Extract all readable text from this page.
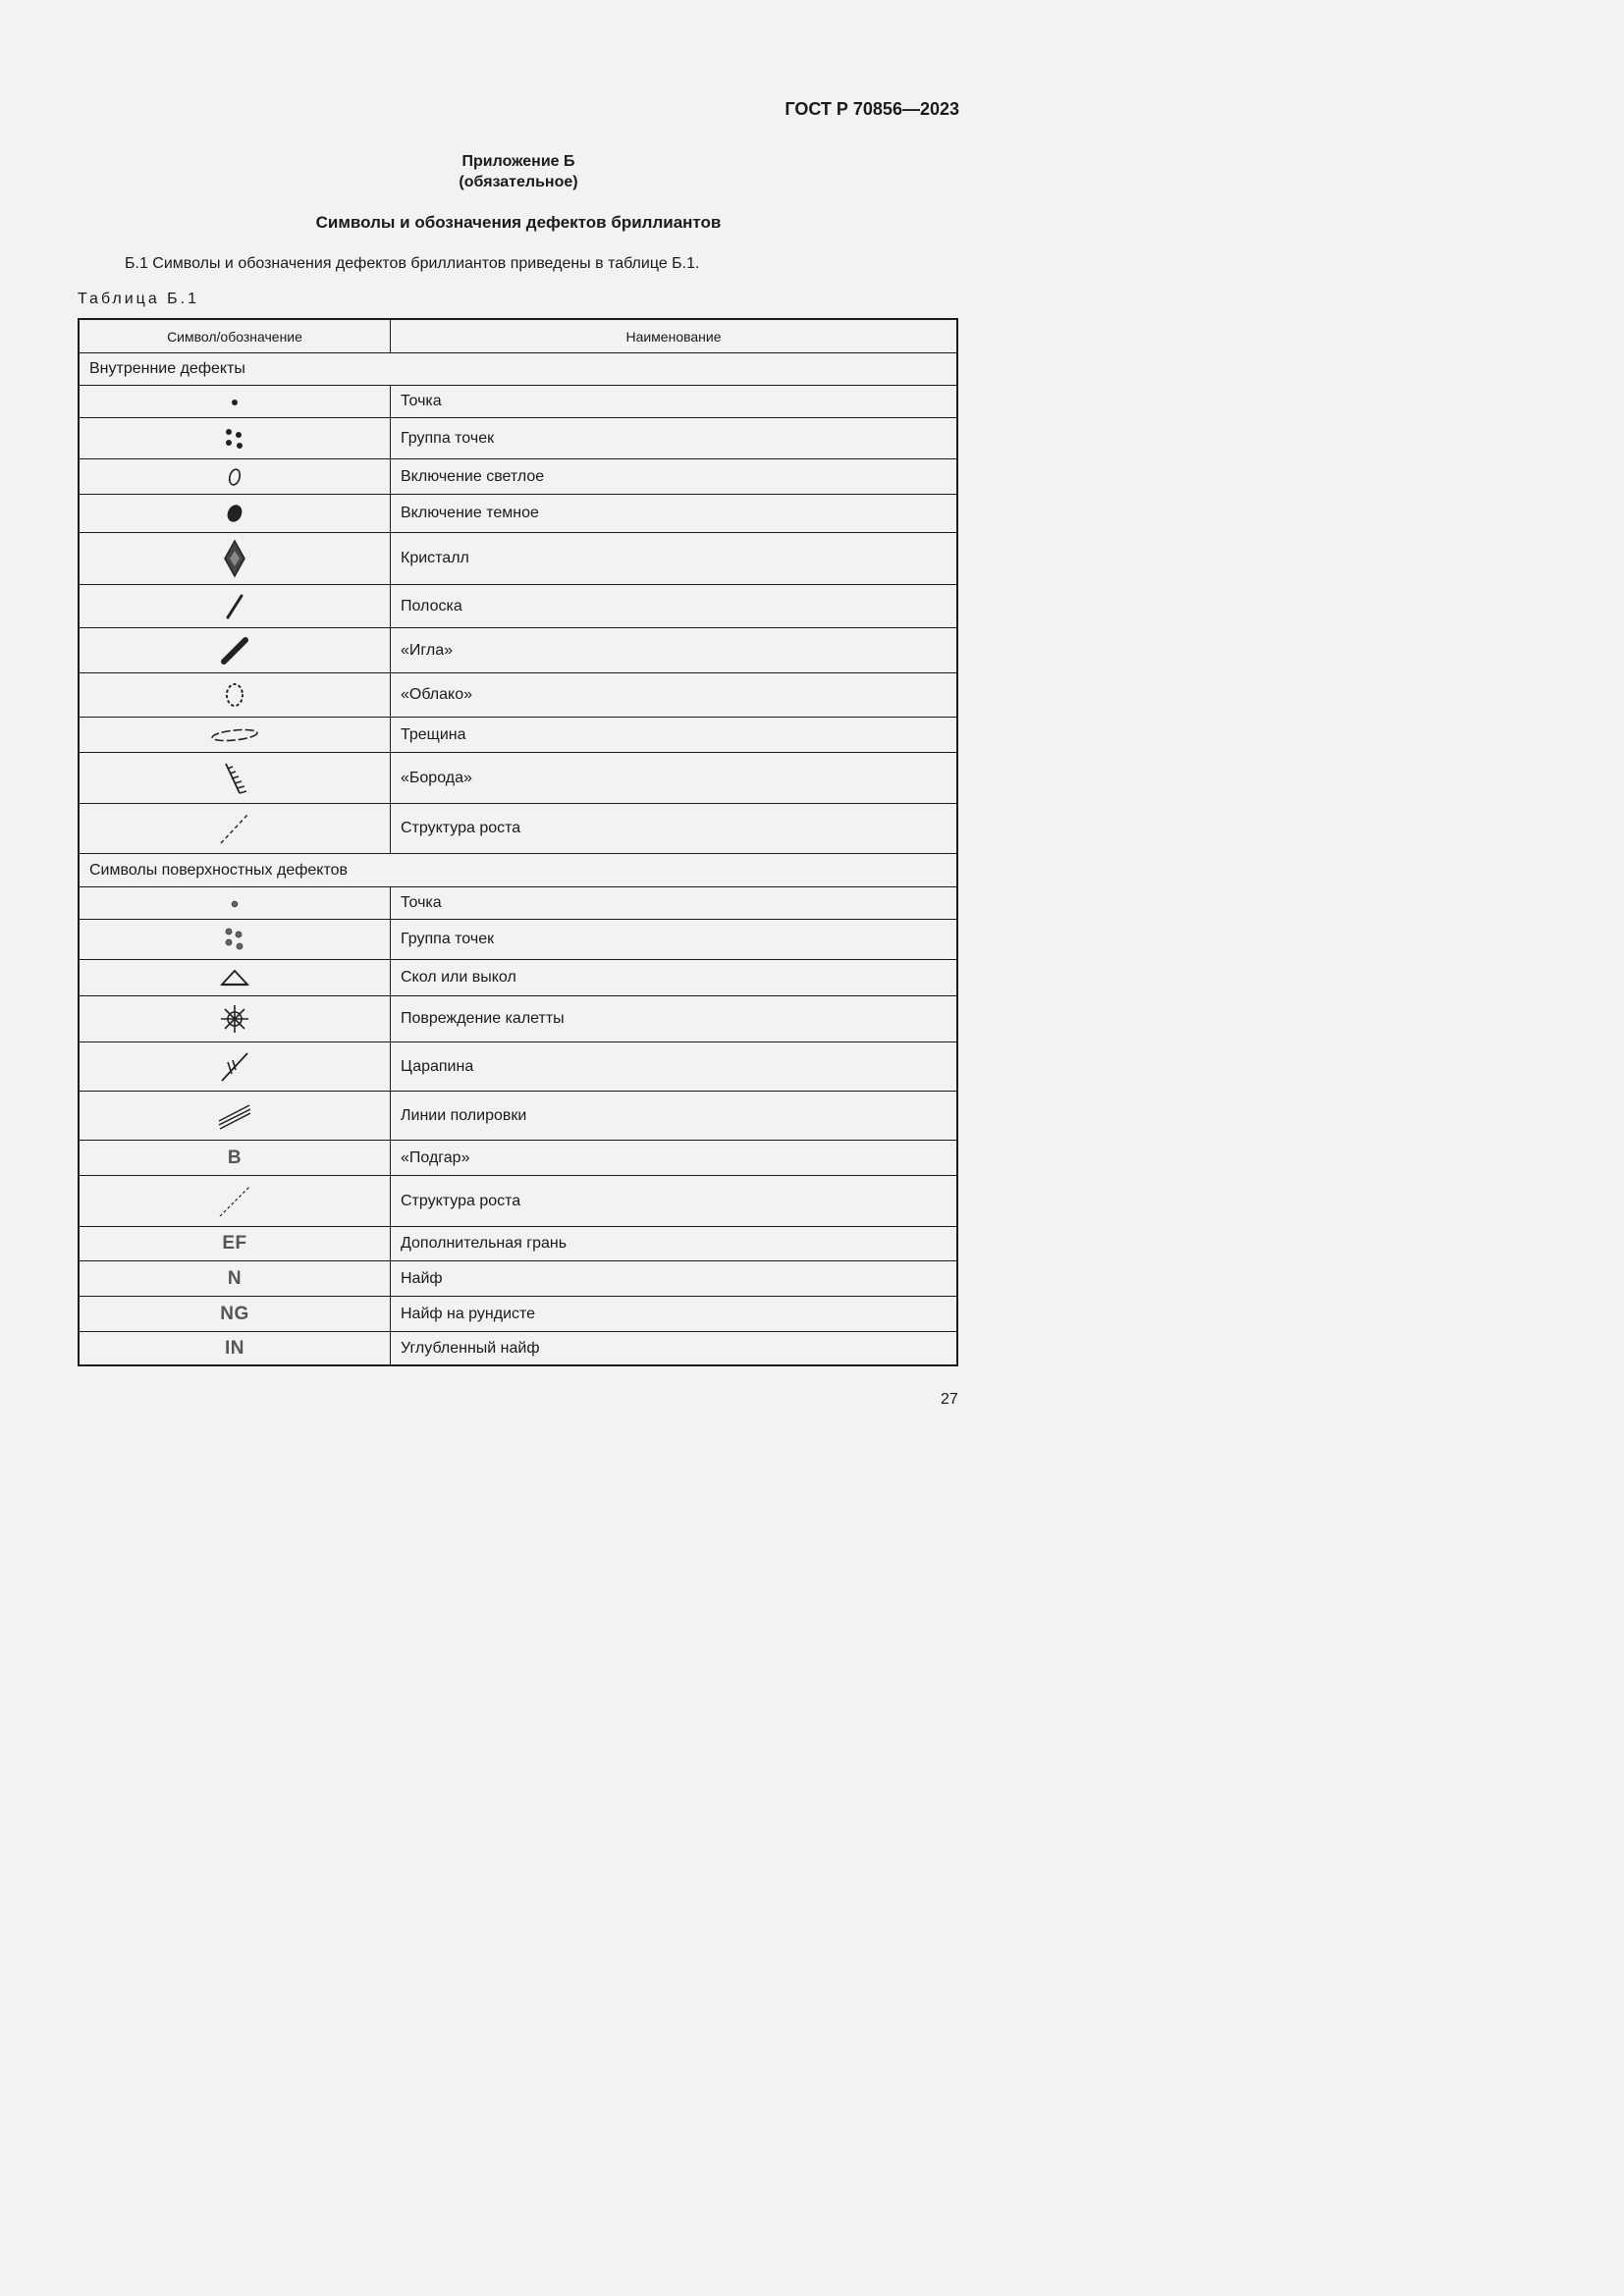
ГОСТ Р 70856—2023
Приложение Б
(обязательное)
Символы и обозначения дефектов бриллиантов
Б.1 Символы и обозначения дефектов бриллиантов приведены в таблице Б.1.
Таблица Б.1
Символ/обозначение	Наименование
Внутренние дефекты
Точка
Группа точек
Включение светлое
Включение темное
Кристалл
Полоска
«Игла»
«Облако»
Трещина
«Борода»
Структура роста
Символы поверхностных дефектов
Точка
Группа точек
Скол или выкол
Повреждение калетты
Царапина
Линии полировки
B	«Подгар»
Структура роста
EF	Дополнительная грань
N	Найф
NG	Найф на рундисте
IN	Углубленный найф
27
